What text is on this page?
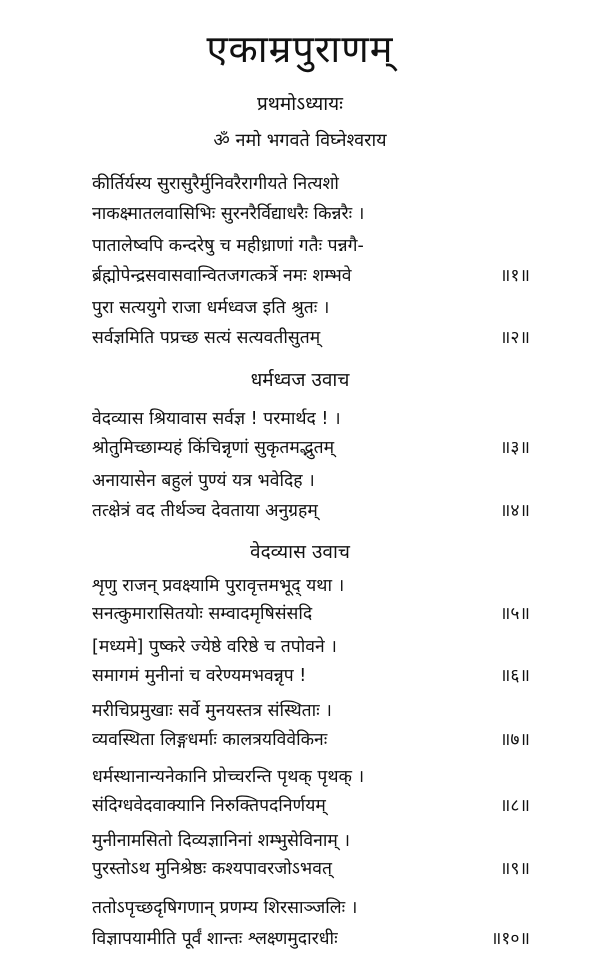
एकाम्रपुराणम्
प्रथमोऽध्यायः
ॐ नमो भगवते विघ्नेश्वराय
कीर्तिर्यस्य सुरासुरैर्मुनिवरैरागीयते नित्यशो
नाकक्ष्मातलवासिभिः सुरनरैर्विद्याधरैः किन्नरैः ।
पातालेष्वपि कन्दरेषु च महीध्राणां गतैः पन्नगै-
र्ब्रह्मोपेन्द्रसवासवान्वितजगत्कर्त्रे नमः शम्भवे	॥१॥
पुरा सत्ययुगे राजा धर्मध्वज इति श्रुतः ।
सर्वज्ञमिति पप्रच्छ सत्यं सत्यवतीसुतम्	॥२॥
धर्मध्वज उवाच
वेदव्यास श्रियावास सर्वज्ञ ! परमार्थद ! ।
श्रोतुमिच्छाम्यहं किंचिन्नृणां सुकृतमद्भुतम्	॥३॥
अनायासेन बहुलं पुण्यं यत्र भवेदिह ।
तत्क्षेत्रं वद तीर्थञ्च देवताया अनुग्रहम्	॥४॥
वेदव्यास उवाच
शृणु राजन् प्रवक्ष्यामि पुरावृत्तमभूद् यथा ।
सनत्कुमारासितयोः सम्वादमृषिसंसदि	॥५॥
[मध्यमे] पुष्करे ज्येष्ठे वरिष्ठे च तपोवने ।
समागमं मुनीनां च वरेण्यमभवन्नृप !	॥६॥
मरीचिप्रमुखाः सर्वे मुनयस्तत्र संस्थिताः ।
व्यवस्थिता लिङ्गधर्माः कालत्रयविवेकिनः	॥७॥
धर्मस्थानान्यनेकानि प्रोच्चरन्ति पृथक् पृथक् ।
संदिग्धवेदवाक्यानि निरुक्तिपदनिर्णयम्	॥८॥
मुनीनामसितो दिव्यज्ञानिनां शम्भुसेविनाम् ।
पुरस्तोऽथ मुनिश्रेष्ठः कश्यपावरजोऽभवत्	॥९॥
ततोऽपृच्छदृषिगणान् प्रणम्य शिरसाञ्जलिः ।
विज्ञापयामीति पूर्वं शान्तः श्लक्ष्णमुदारधीः	॥१०॥
